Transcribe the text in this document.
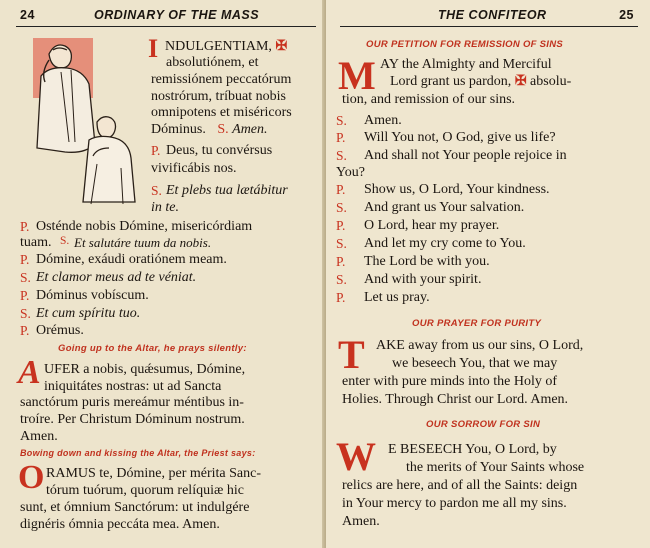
24	ORDINARY OF THE MASS
I NDULGENTIAM, ✠
absolutiónem, et
remissiónem peccatórum
nostrórum, tríbuat nobis
omnipotens et miséricors
Dóminus. S. Amen.
P. Deus, tu convérsus
vivificábis nos.
S. Et plebs tua lætábitur
in te.
P. Osténde nobis Dómine, misericórdiam
tuam. S. Et salutáre tuum da nobis.
P. Dómine, exáudi oratiónem meam.
S. Et clamor meus ad te véniat.
P. Dóminus vobíscum.
S. Et cum spíritu tuo.
P. Orémus.
Going up to the Altar, he prays silently:
A UFER a nobis, quǽsumus, Dómine,
iniquitátes nostras: ut ad Sancta
sanctórum puris mereámur méntibus in-
troíre. Per Christum Dóminum nostrum.
Amen.
Bowing down and kissing the Altar, the Priest says:
O RAMUS te, Dómine, per mérita Sanc-
tórum tuórum, quorum relíquiæ hic
sunt, et ómnium Sanctórum: ut indulgére
dignéris ómnia peccáta mea. Amen.
THE CONFITEOR	25
OUR PETITION FOR REMISSION OF SINS
M AY the Almighty and Merciful
Lord grant us pardon, ✠ absolu-
tion, and remission of our sins.
S. Amen.
P. Will You not, O God, give us life?
S. And shall not Your people rejoice in
You?
P. Show us, O Lord, Your kindness.
S. And grant us Your salvation.
P. O Lord, hear my prayer.
S. And let my cry come to You.
P. The Lord be with you.
S. And with your spirit.
P. Let us pray.
OUR PRAYER FOR PURITY
T AKE away from us our sins, O Lord,
we beseech You, that we may
enter with pure minds into the Holy of
Holies. Through Christ our Lord. Amen.
OUR SORROW FOR SIN
W E BESEECH You, O Lord, by
the merits of Your Saints whose
relics are here, and of all the Saints: deign
in Your mercy to pardon me all my sins.
Amen.
